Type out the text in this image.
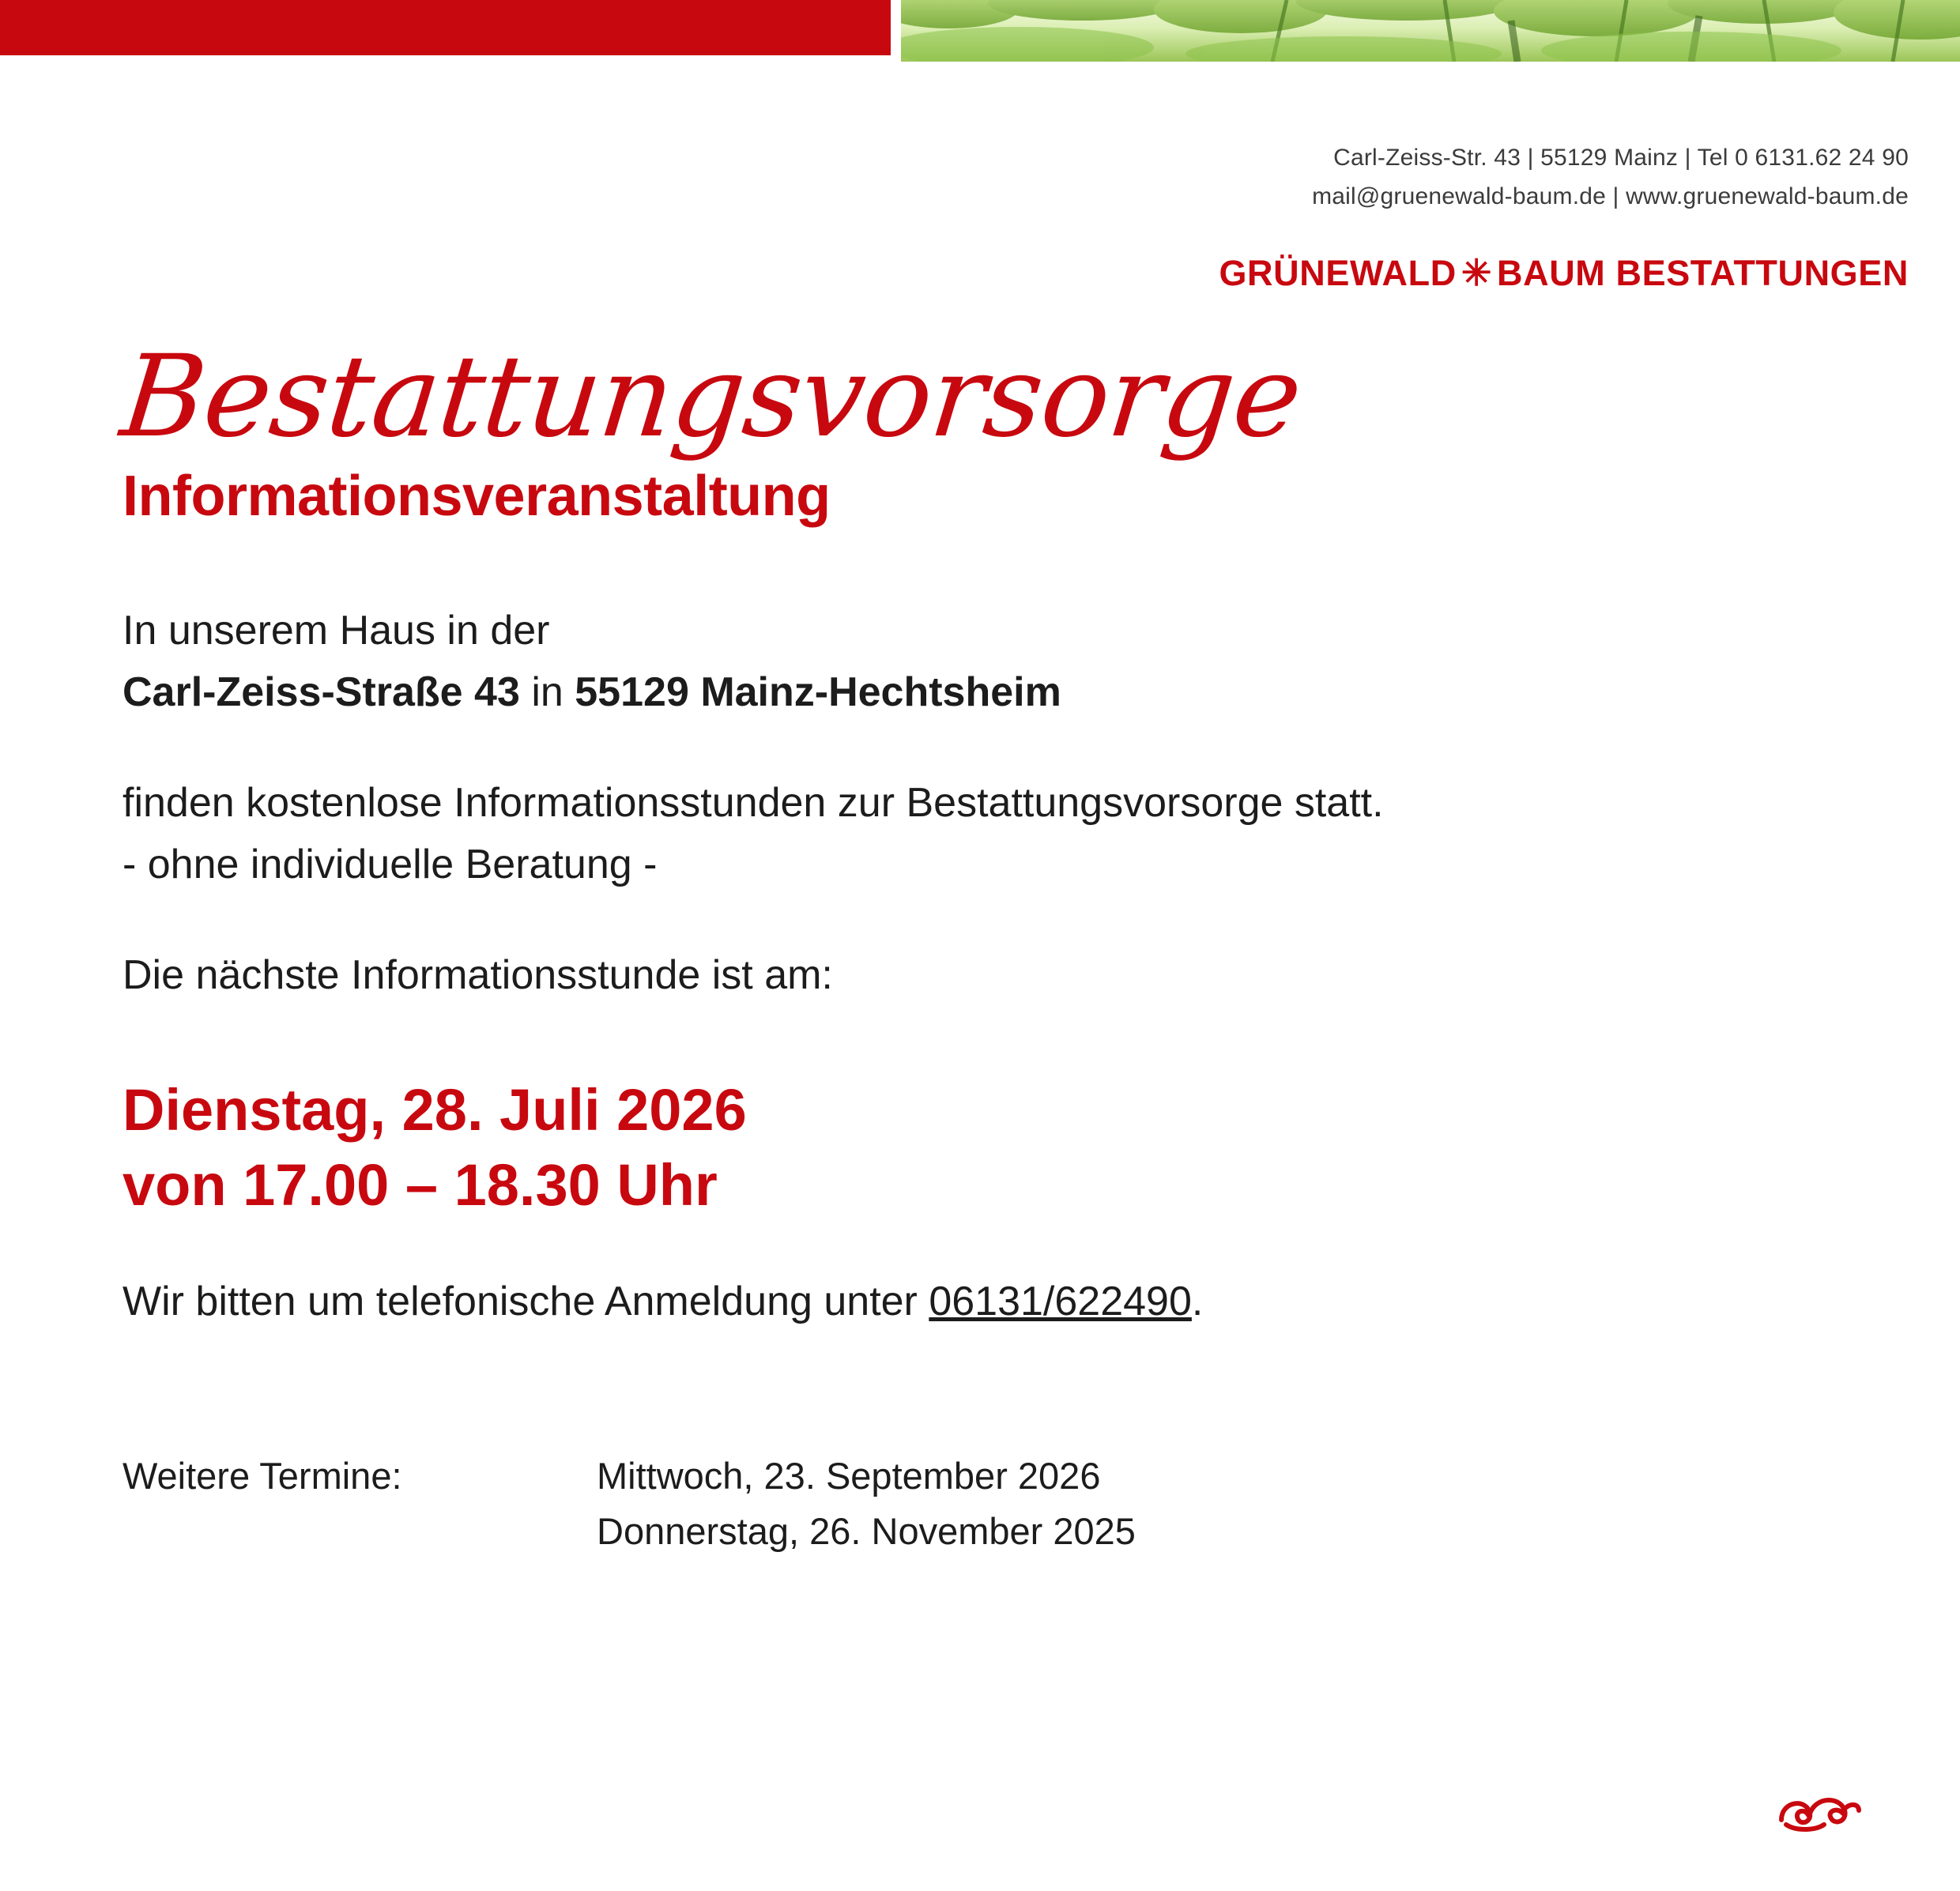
Carl-Zeiss-Str. 43 | 55129 Mainz | Tel 0 6131.62 24 90
mail@gruenewald-baum.de | www.gruenewald-baum.de
GRÜNEWALD ✳ BAUM BESTATTUNGEN
Bestattungsvorsorge
Informationsveranstaltung
In unserem Haus in der
Carl-Zeiss-Straße 43 in 55129 Mainz-Hechtsheim
finden kostenlose Informationsstunden zur Bestattungsvorsorge statt.
- ohne individuelle Beratung -
Die nächste Informationsstunde ist am:
Dienstag, 28. Juli 2026
von 17.00 – 18.30 Uhr
Wir bitten um telefonische Anmeldung unter 06131/622490.
Weitere Termine:	Mittwoch, 23. September 2026
Donnerstag, 26. November 2025
